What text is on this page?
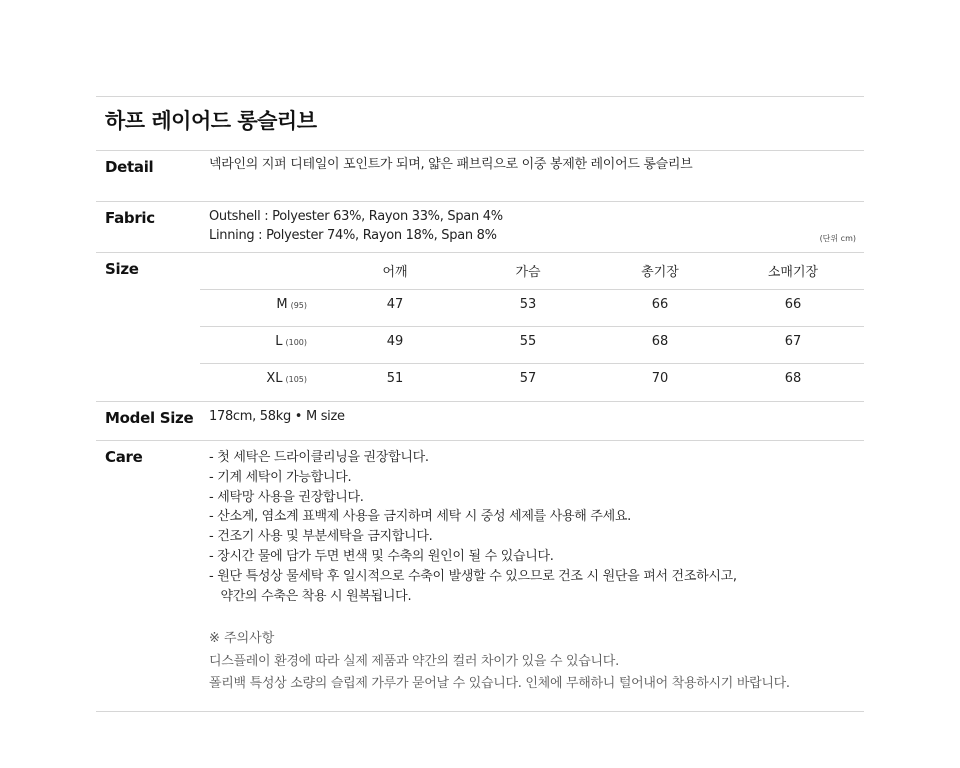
하프 레이어드 롱슬리브
Detail	넥라인의 지퍼 디테일이 포인트가 되며, 얇은 패브릭으로 이중 봉제한 레이어드 롱슬리브
Fabric	Outshell : Polyester 63%, Rayon 33%, Span 4%
Linning : Polyester 74%, Rayon 18%, Span 8%	(단위 cm)
Size	어깨	가슴	총기장	소매기장
M (95)	47	53	66	66
L (100)	49	55	68	67
XL (105)	51	57	70	68
Model Size 178cm, 58kg • M size
Care	- 첫 세탁은 드라이클리닝을 권장합니다.
- 기계 세탁이 가능합니다.
- 세탁망 사용을 권장합니다.
- 산소계, 염소계 표백제 사용을 금지하며 세탁 시 중성 세제를 사용해 주세요.
- 건조기 사용 및 부분세탁을 금지합니다.
- 장시간 물에 담가 두면 변색 및 수축의 원인이 될 수 있습니다.
- 원단 특성상 물세탁 후 일시적으로 수축이 발생할 수 있으므로 건조 시 원단을 펴서 건조하시고,
약간의 수축은 착용 시 원복됩니다.
※ 주의사항
디스플레이 환경에 따라 실제 제품과 약간의 컬러 차이가 있을 수 있습니다.
폴리백 특성상 소량의 슬립제 가루가 묻어날 수 있습니다. 인체에 무해하니 털어내어 착용하시기 바랍니다.
